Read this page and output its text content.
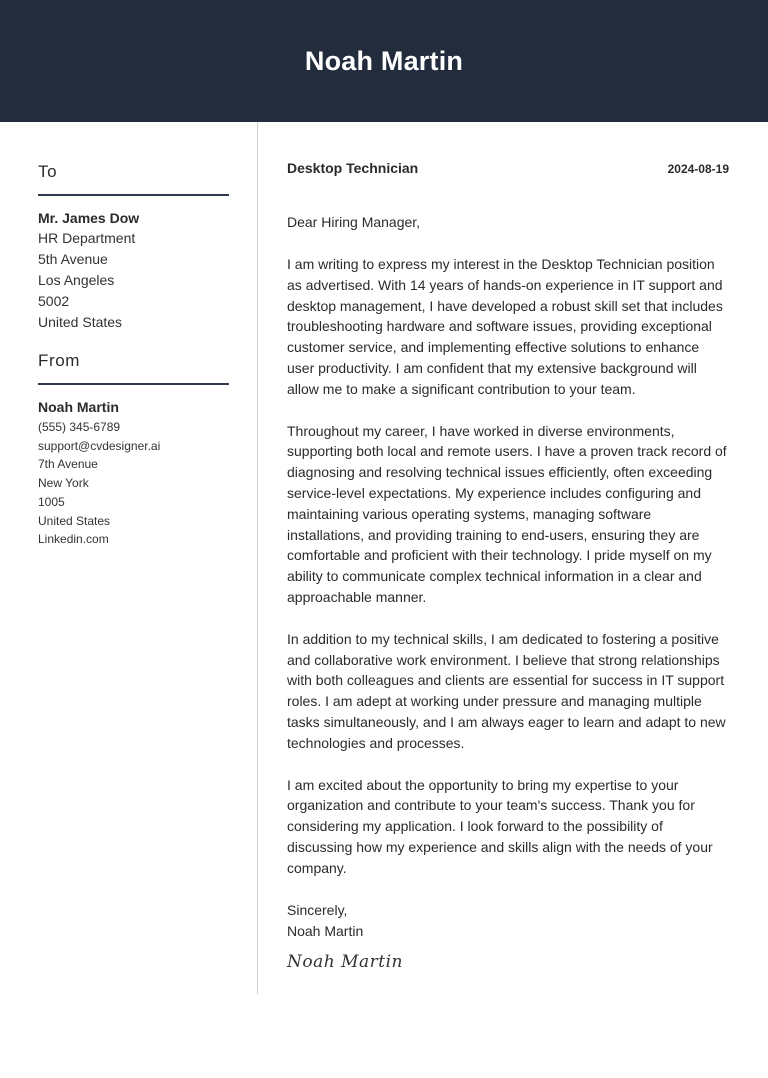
Noah Martin
To
Mr. James Dow
HR Department
5th Avenue
Los Angeles
5002
United States
From
Noah Martin
(555) 345-6789
support@cvdesigner.ai
7th Avenue
New York
1005
United States
Linkedin.com
Desktop Technician	2024-08-19
Dear Hiring Manager,

I am writing to express my interest in the Desktop Technician position as advertised. With 14 years of hands-on experience in IT support and desktop management, I have developed a robust skill set that includes troubleshooting hardware and software issues, providing exceptional customer service, and implementing effective solutions to enhance user productivity. I am confident that my extensive background will allow me to make a significant contribution to your team.

Throughout my career, I have worked in diverse environments, supporting both local and remote users. I have a proven track record of diagnosing and resolving technical issues efficiently, often exceeding service-level expectations. My experience includes configuring and maintaining various operating systems, managing software installations, and providing training to end-users, ensuring they are comfortable and proficient with their technology. I pride myself on my ability to communicate complex technical information in a clear and approachable manner.

In addition to my technical skills, I am dedicated to fostering a positive and collaborative work environment. I believe that strong relationships with both colleagues and clients are essential for success in IT support roles. I am adept at working under pressure and managing multiple tasks simultaneously, and I am always eager to learn and adapt to new technologies and processes.

I am excited about the opportunity to bring my expertise to your organization and contribute to your team's success. Thank you for considering my application. I look forward to the possibility of discussing how my experience and skills align with the needs of your company.

Sincerely,
Noah Martin
Noah Martin
